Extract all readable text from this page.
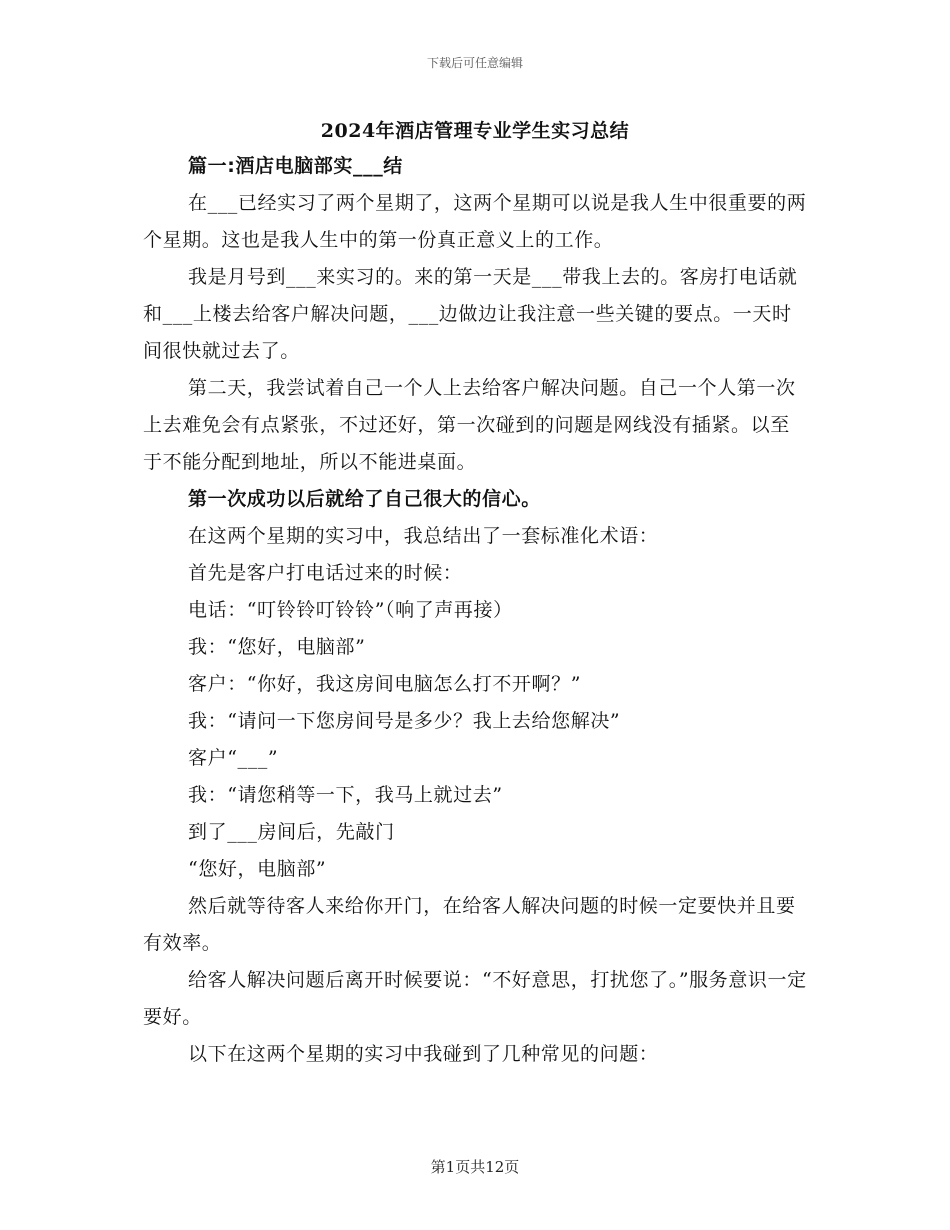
下载后可任意编辑
2024年酒店管理专业学生实习总结

篇一:酒店电脑部实___结

在___已经实习了两个星期了，这两个星期可以说是我人生中很重要的两个星期。这也是我人生中的第一份真正意义上的工作。

我是月号到___来实习的。来的第一天是___带我上去的。客房打电话就和___上楼去给客户解决问题，___边做边让我注意一些关键的要点。一天时间很快就过去了。

第二天，我尝试着自己一个人上去给客户解决问题。自己一个人第一次上去难免会有点紧张，不过还好，第一次碰到的问题是网线没有插紧。以至于不能分配到地址，所以不能进桌面。

第一次成功以后就给了自己很大的信心。

在这两个星期的实习中，我总结出了一套标准化术语：

首先是客户打电话过来的时候：

电话：“叮铃铃叮铃铃”（响了声再接）

我：“您好，电脑部”

客户：“你好，我这房间电脑怎么打不开啊？”

我：“请问一下您房间号是多少？我上去给您解决”

客户“___”

我：“请您稍等一下，我马上就过去”

到了___房间后，先敲门

“您好，电脑部”

然后就等待客人来给你开门，在给客人解决问题的时候一定要快并且要有效率。

给客人解决问题后离开时候要说：“不好意思，打扰您了。”服务意识一定要好。

以下在这两个星期的实习中我碰到了几种常见的问题：

第1页共12页
